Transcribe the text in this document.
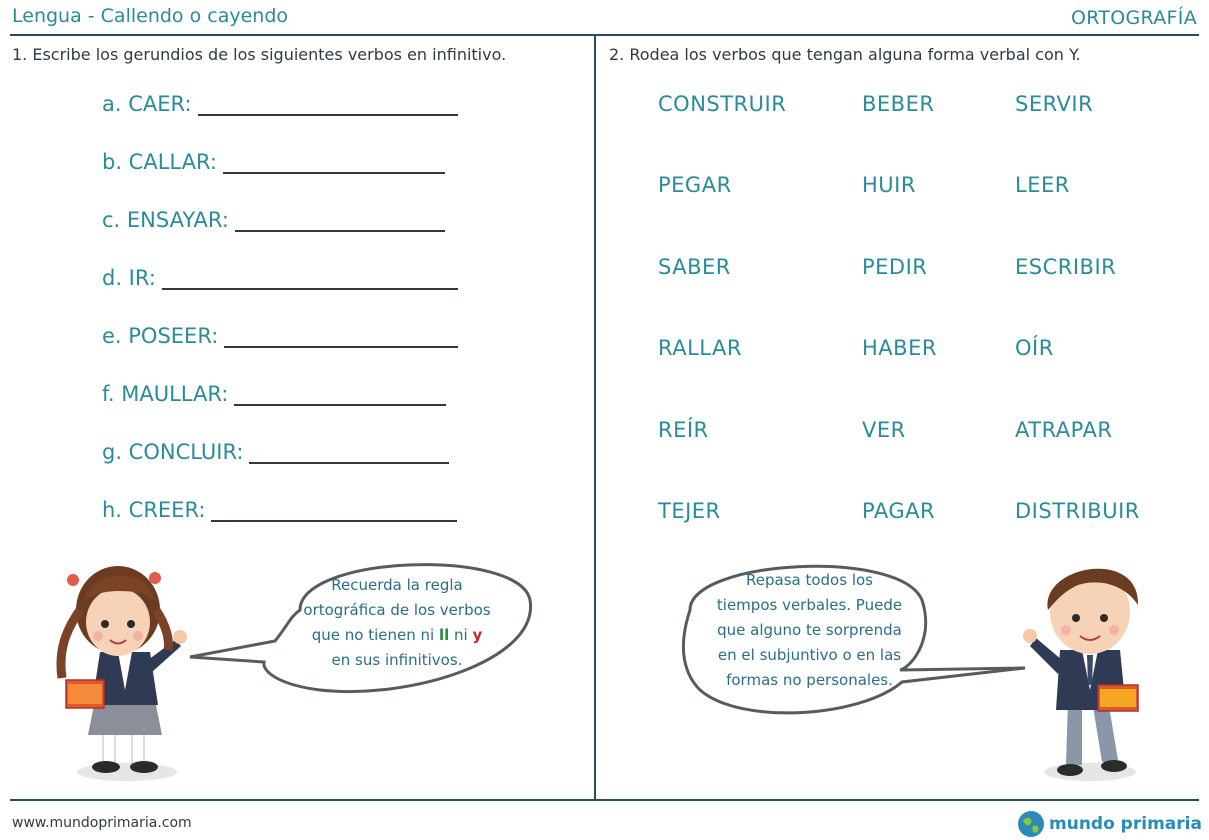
Lengua - Callendo o cayendo	ORTOGRAFÍA
1. Escribe los gerundios de los siguientes verbos en infinitivo.
a. CAER:
b. CALLAR:
c. ENSAYAR:
d. IR:
e. POSEER:
f. MAULLAR:
g. CONCLUIR:
h. CREER:
2. Rodea los verbos que tengan alguna forma verbal con Y.
CONSTRUIR	BEBER	SERVIR
PEGAR	HUIR	LEER
SABER	PEDIR	ESCRIBIR
RALLAR	HABER	OÍR
REÍR	VER	ATRAPAR
TEJER	PAGAR	DISTRIBUIR
Recuerda la regla
ortográfica de los verbos
que no tienen ni ll ni y
en sus infinitivos.
Repasa todos los
tiempos verbales. Puede
que alguno te sorprenda
en el subjuntivo o en las
formas no personales.
www.mundoprimaria.com	mundo primaria
